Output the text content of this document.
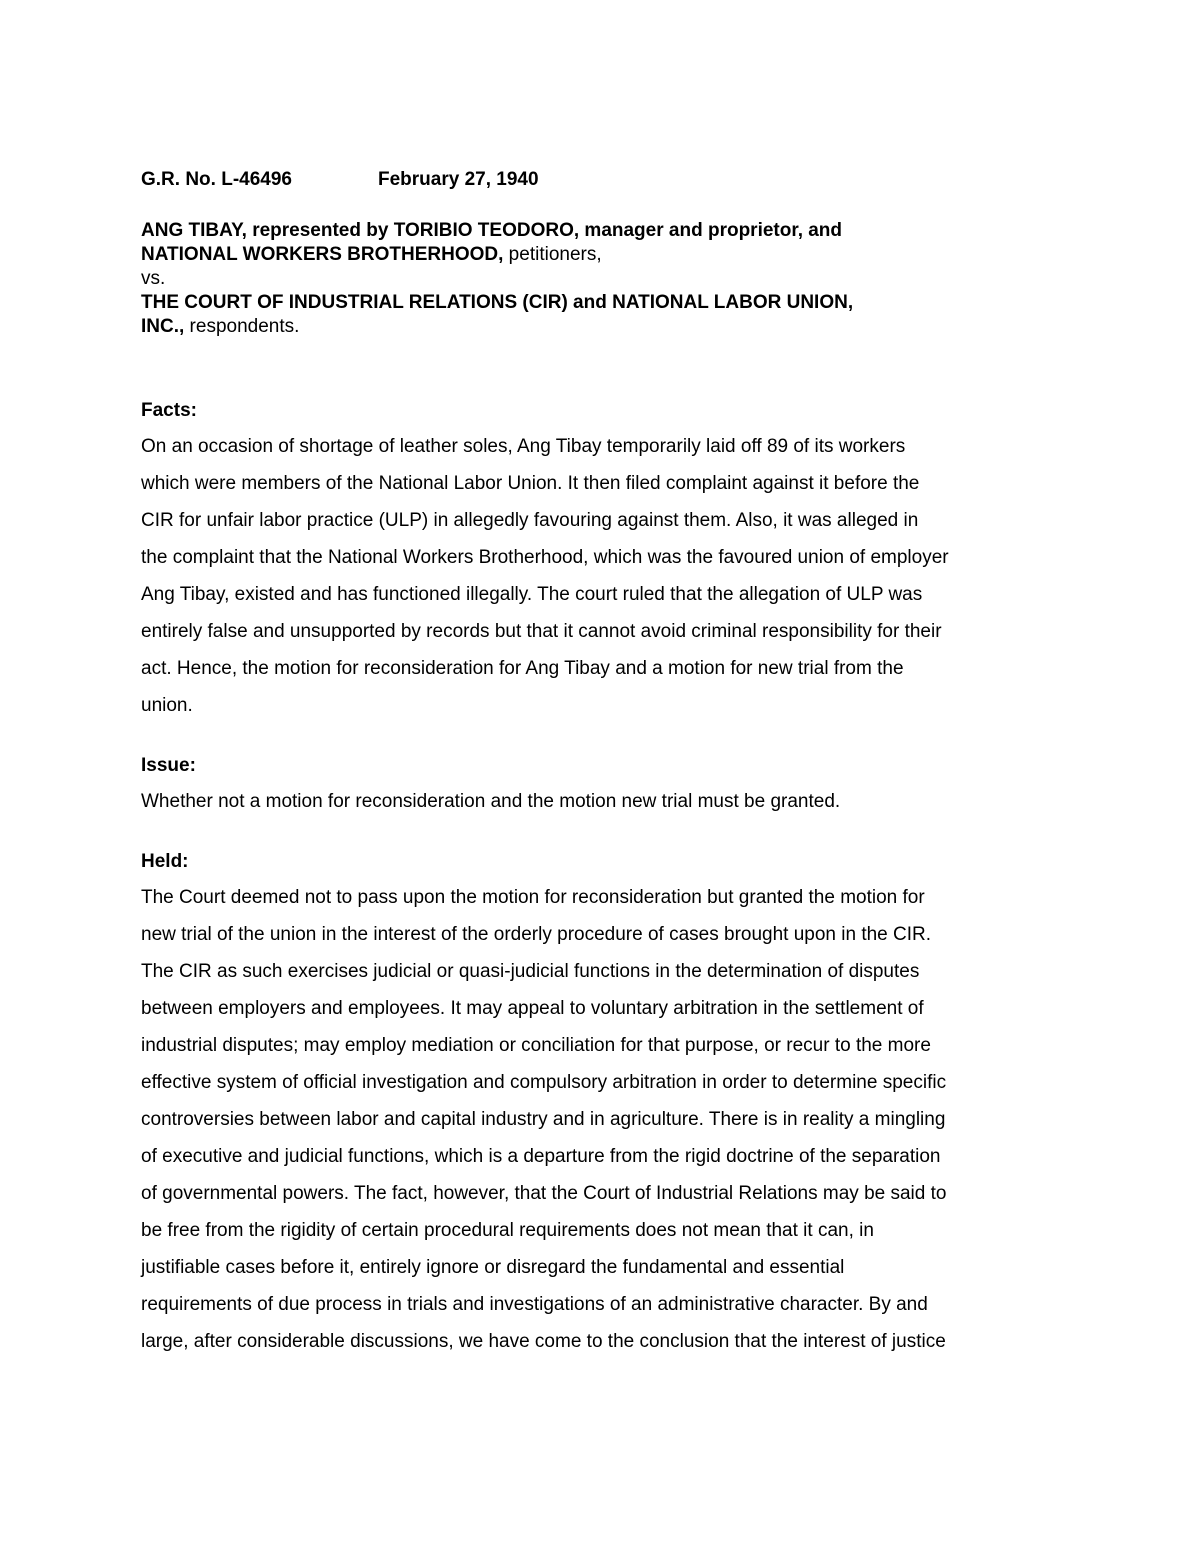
G.R. No. L-46496	February 27, 1940
ANG TIBAY, represented by TORIBIO TEODORO, manager and proprietor, and
NATIONAL WORKERS BROTHERHOOD, petitioners,
vs.
THE COURT OF INDUSTRIAL RELATIONS (CIR) and NATIONAL LABOR UNION,
INC., respondents.
Facts:
On an occasion of shortage of leather soles, Ang Tibay temporarily laid off 89 of its workers
which were members of the National Labor Union. It then filed complaint against it before the
CIR for unfair labor practice (ULP) in allegedly favouring against them. Also, it was alleged in
the complaint that the National Workers Brotherhood, which was the favoured union of employer
Ang Tibay, existed and has functioned illegally. The court ruled that the allegation of ULP was
entirely false and unsupported by records but that it cannot avoid criminal responsibility for their
act. Hence, the motion for reconsideration for Ang Tibay and a motion for new trial from the
union.
Issue:
Whether not a motion for reconsideration and the motion new trial must be granted.
Held:
The Court deemed not to pass upon the motion for reconsideration but granted the motion for
new trial of the union in the interest of the orderly procedure of cases brought upon in the CIR.
The CIR as such exercises judicial or quasi-judicial functions in the determination of disputes
between employers and employees. It may appeal to voluntary arbitration in the settlement of
industrial disputes; may employ mediation or conciliation for that purpose, or recur to the more
effective system of official investigation and compulsory arbitration in order to determine specific
controversies between labor and capital industry and in agriculture. There is in reality a mingling
of executive and judicial functions, which is a departure from the rigid doctrine of the separation
of governmental powers. The fact, however, that the Court of Industrial Relations may be said to
be free from the rigidity of certain procedural requirements does not mean that it can, in
justifiable cases before it, entirely ignore or disregard the fundamental and essential
requirements of due process in trials and investigations of an administrative character. By and
large, after considerable discussions, we have come to the conclusion that the interest of justice
